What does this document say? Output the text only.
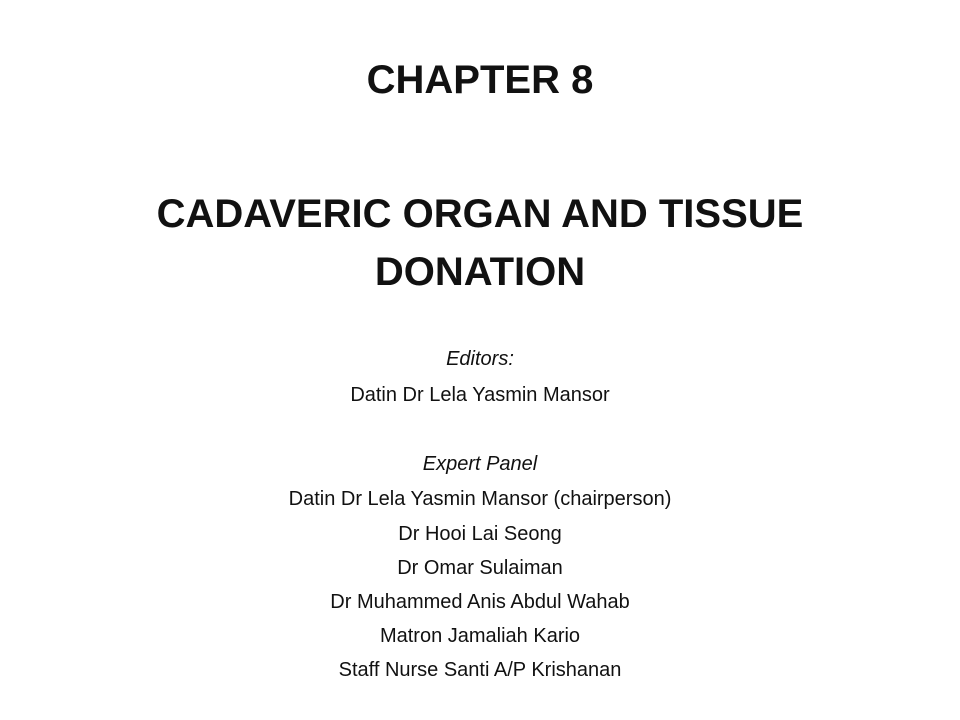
CHAPTER 8
CADAVERIC ORGAN AND TISSUE
DONATION
Editors:
Datin Dr Lela Yasmin Mansor
Expert Panel
Datin Dr Lela Yasmin Mansor (chairperson)
Dr Hooi Lai Seong
Dr Omar Sulaiman
Dr Muhammed Anis Abdul Wahab
Matron Jamaliah Kario
Staff Nurse Santi A/P Krishanan
